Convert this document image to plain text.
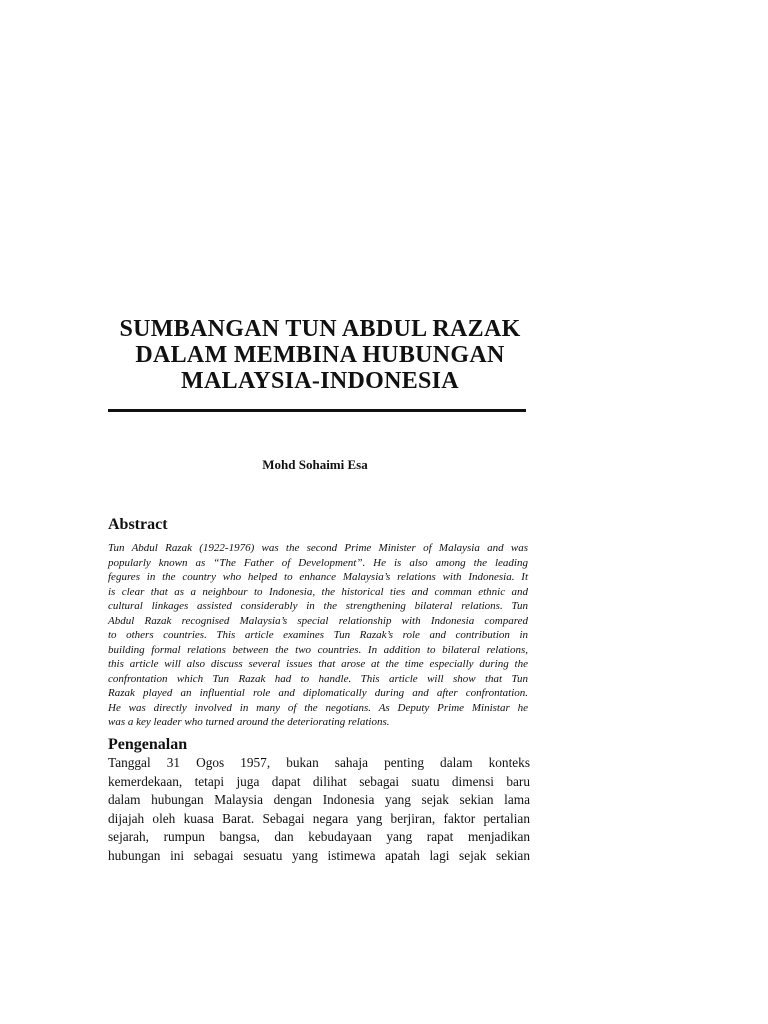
SUMBANGAN TUN ABDUL RAZAK
DALAM MEMBINA HUBUNGAN
MALAYSIA-INDONESIA
Mohd Sohaimi Esa
Abstract
Tun Abdul Razak (1922-1976) was the second Prime Minister of Malaysia and was
popularly known as “The Father of Development”. He is also among the leading
fegures in the country who helped to enhance Malaysia’s relations with Indonesia. It
is clear that as a neighbour to Indonesia, the historical ties and comman ethnic and
cultural linkages assisted considerably in the strengthening bilateral relations. Tun
Abdul Razak recognised Malaysia’s special relationship with Indonesia compared
to others countries. This article examines Tun Razak’s role and contribution in
building formal relations between the two countries. In addition to bilateral relations,
this article will also discuss several issues that arose at the time especially during the
confrontation which Tun Razak had to handle. This article will show that Tun
Razak played an influential role and diplomatically during and after confrontation.
He was directly involved in many of the negotians. As Deputy Prime Ministar he
was a key leader who turned around the deteriorating relations.
Pengenalan
Tanggal 31 Ogos 1957, bukan sahaja penting dalam konteks
kemerdekaan, tetapi juga dapat dilihat sebagai suatu dimensi baru
dalam hubungan Malaysia dengan Indonesia yang sejak sekian lama
dijajah oleh kuasa Barat. Sebagai negara yang berjiran, faktor pertalian
sejarah, rumpun bangsa, dan kebudayaan yang rapat menjadikan
hubungan ini sebagai sesuatu yang istimewa apatah lagi sejak sekian
